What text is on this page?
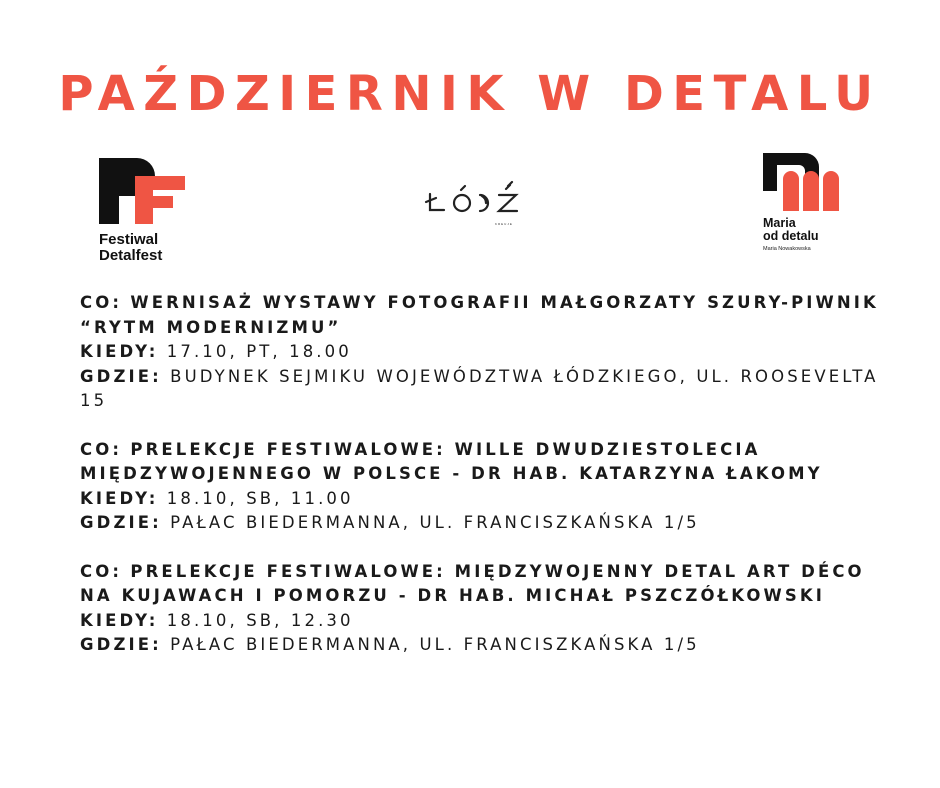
PAŹDZIERNIK W DETALU
Festiwal
Detalfest
KREUJE	Maria
od detalu
Maria Nowakowska
CO: WERNISAŻ WYSTAWY FOTOGRAFII MAŁGORZATY SZURY-PIWNIK “RYTM MODERNIZMU”
KIEDY: 17.10, PT, 18.00
GDZIE: BUDYNEK SEJMIKU WOJEWÓDZTWA ŁÓDZKIEGO, UL. ROOSEVELTA 15
CO: PRELEKCJE FESTIWALOWE: WILLE DWUDZIESTOLECIA MIĘDZYWOJENNEGO W POLSCE - DR HAB. KATARZYNA ŁAKOMY
KIEDY: 18.10, SB, 11.00
GDZIE: PAŁAC BIEDERMANNA, UL. FRANCISZKAŃSKA 1/5
CO: PRELEKCJE FESTIWALOWE: MIĘDZYWOJENNY DETAL ART DÉCO NA KUJAWACH I POMORZU - DR HAB. MICHAŁ PSZCZÓŁKOWSKI
KIEDY: 18.10, SB, 12.30
GDZIE: PAŁAC BIEDERMANNA, UL. FRANCISZKAŃSKA 1/5
